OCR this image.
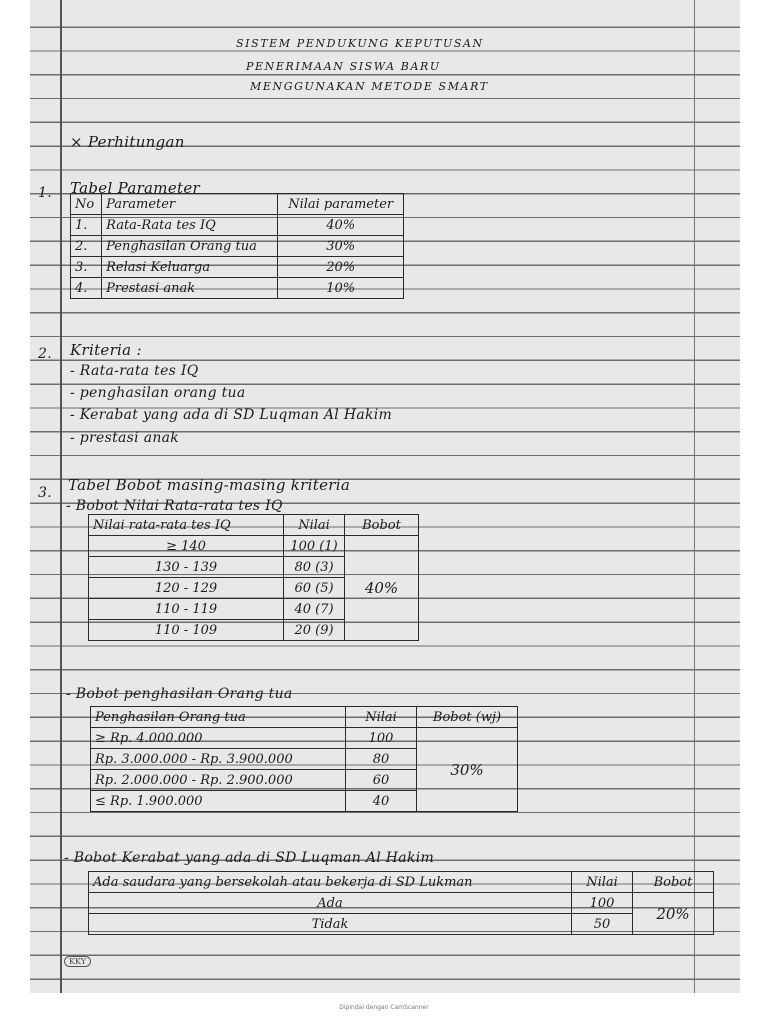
SISTEM PENDUKUNG KEPUTUSAN
PENERIMAAN SISWA BARU
MENGGUNAKAN METODE SMART
× Perhitungan
1. Tabel Parameter
No	Parameter	Nilai parameter
1.	Rata-Rata tes IQ	40%
2.	Penghasilan Orang tua	30%
3.	Relasi Keluarga	20%
4.	Prestasi anak	10%
2. Kriteria :
- Rata-rata tes IQ
- penghasilan orang tua
- Kerabat yang ada di SD Luqman Al Hakim
- prestasi anak
3. Tabel Bobot masing-masing kriteria
- Bobot Nilai Rata-rata tes IQ
Nilai rata-rata tes IQ	Nilai	Bobot
≥ 140	100 (1)	40%
130 - 139	80 (3)	
120 - 129	60 (5)	
110 - 119	40 (7)	
110 - 109	20 (9)	
- Bobot penghasilan Orang tua
Penghasilan Orang tua	Nilai	Bobot (wj)
≥ Rp. 4.000.000	100	30%
Rp. 3.000.000 - Rp. 3.900.000	80	
Rp. 2.000.000 - Rp. 2.900.000	60	
≤ Rp. 1.900.000	40	
- Bobot Kerabat yang ada di SD Luqman Al Hakim
Ada saudara yang bersekolah atau bekerja di SD Lukman	Nilai	Bobot
Ada	100	20%
Tidak	50	
KKY
Dipindai dengan CamScanner
